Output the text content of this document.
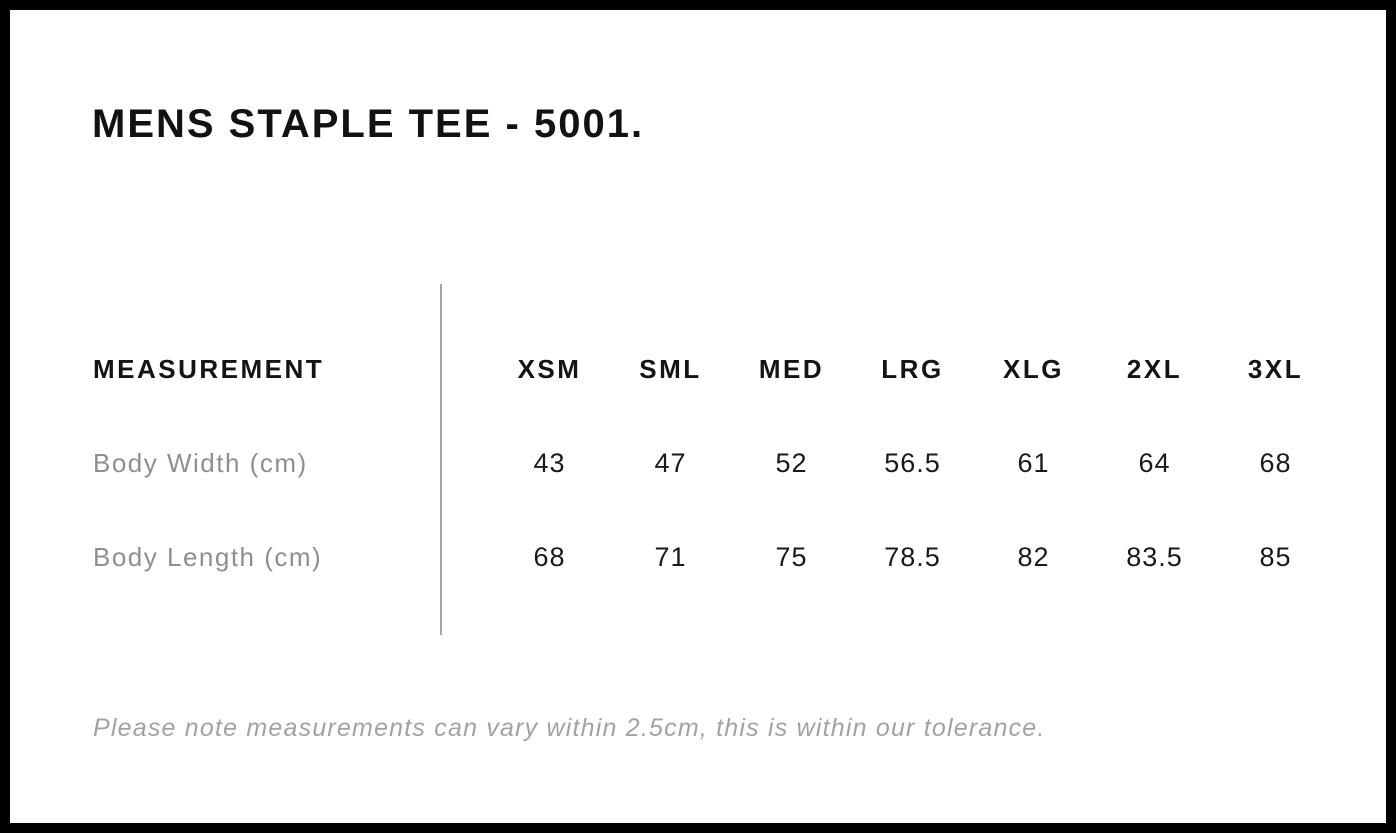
MENS STAPLE TEE - 5001.
MEASUREMENT	XSM	SML	MED	LRG	XLG	2XL	3XL
Body Width (cm)	43	47	52	56.5	61	64	68
Body Length (cm)	68	71	75	78.5	82	83.5	85

Please note measurements can vary within 2.5cm, this is within our tolerance.
